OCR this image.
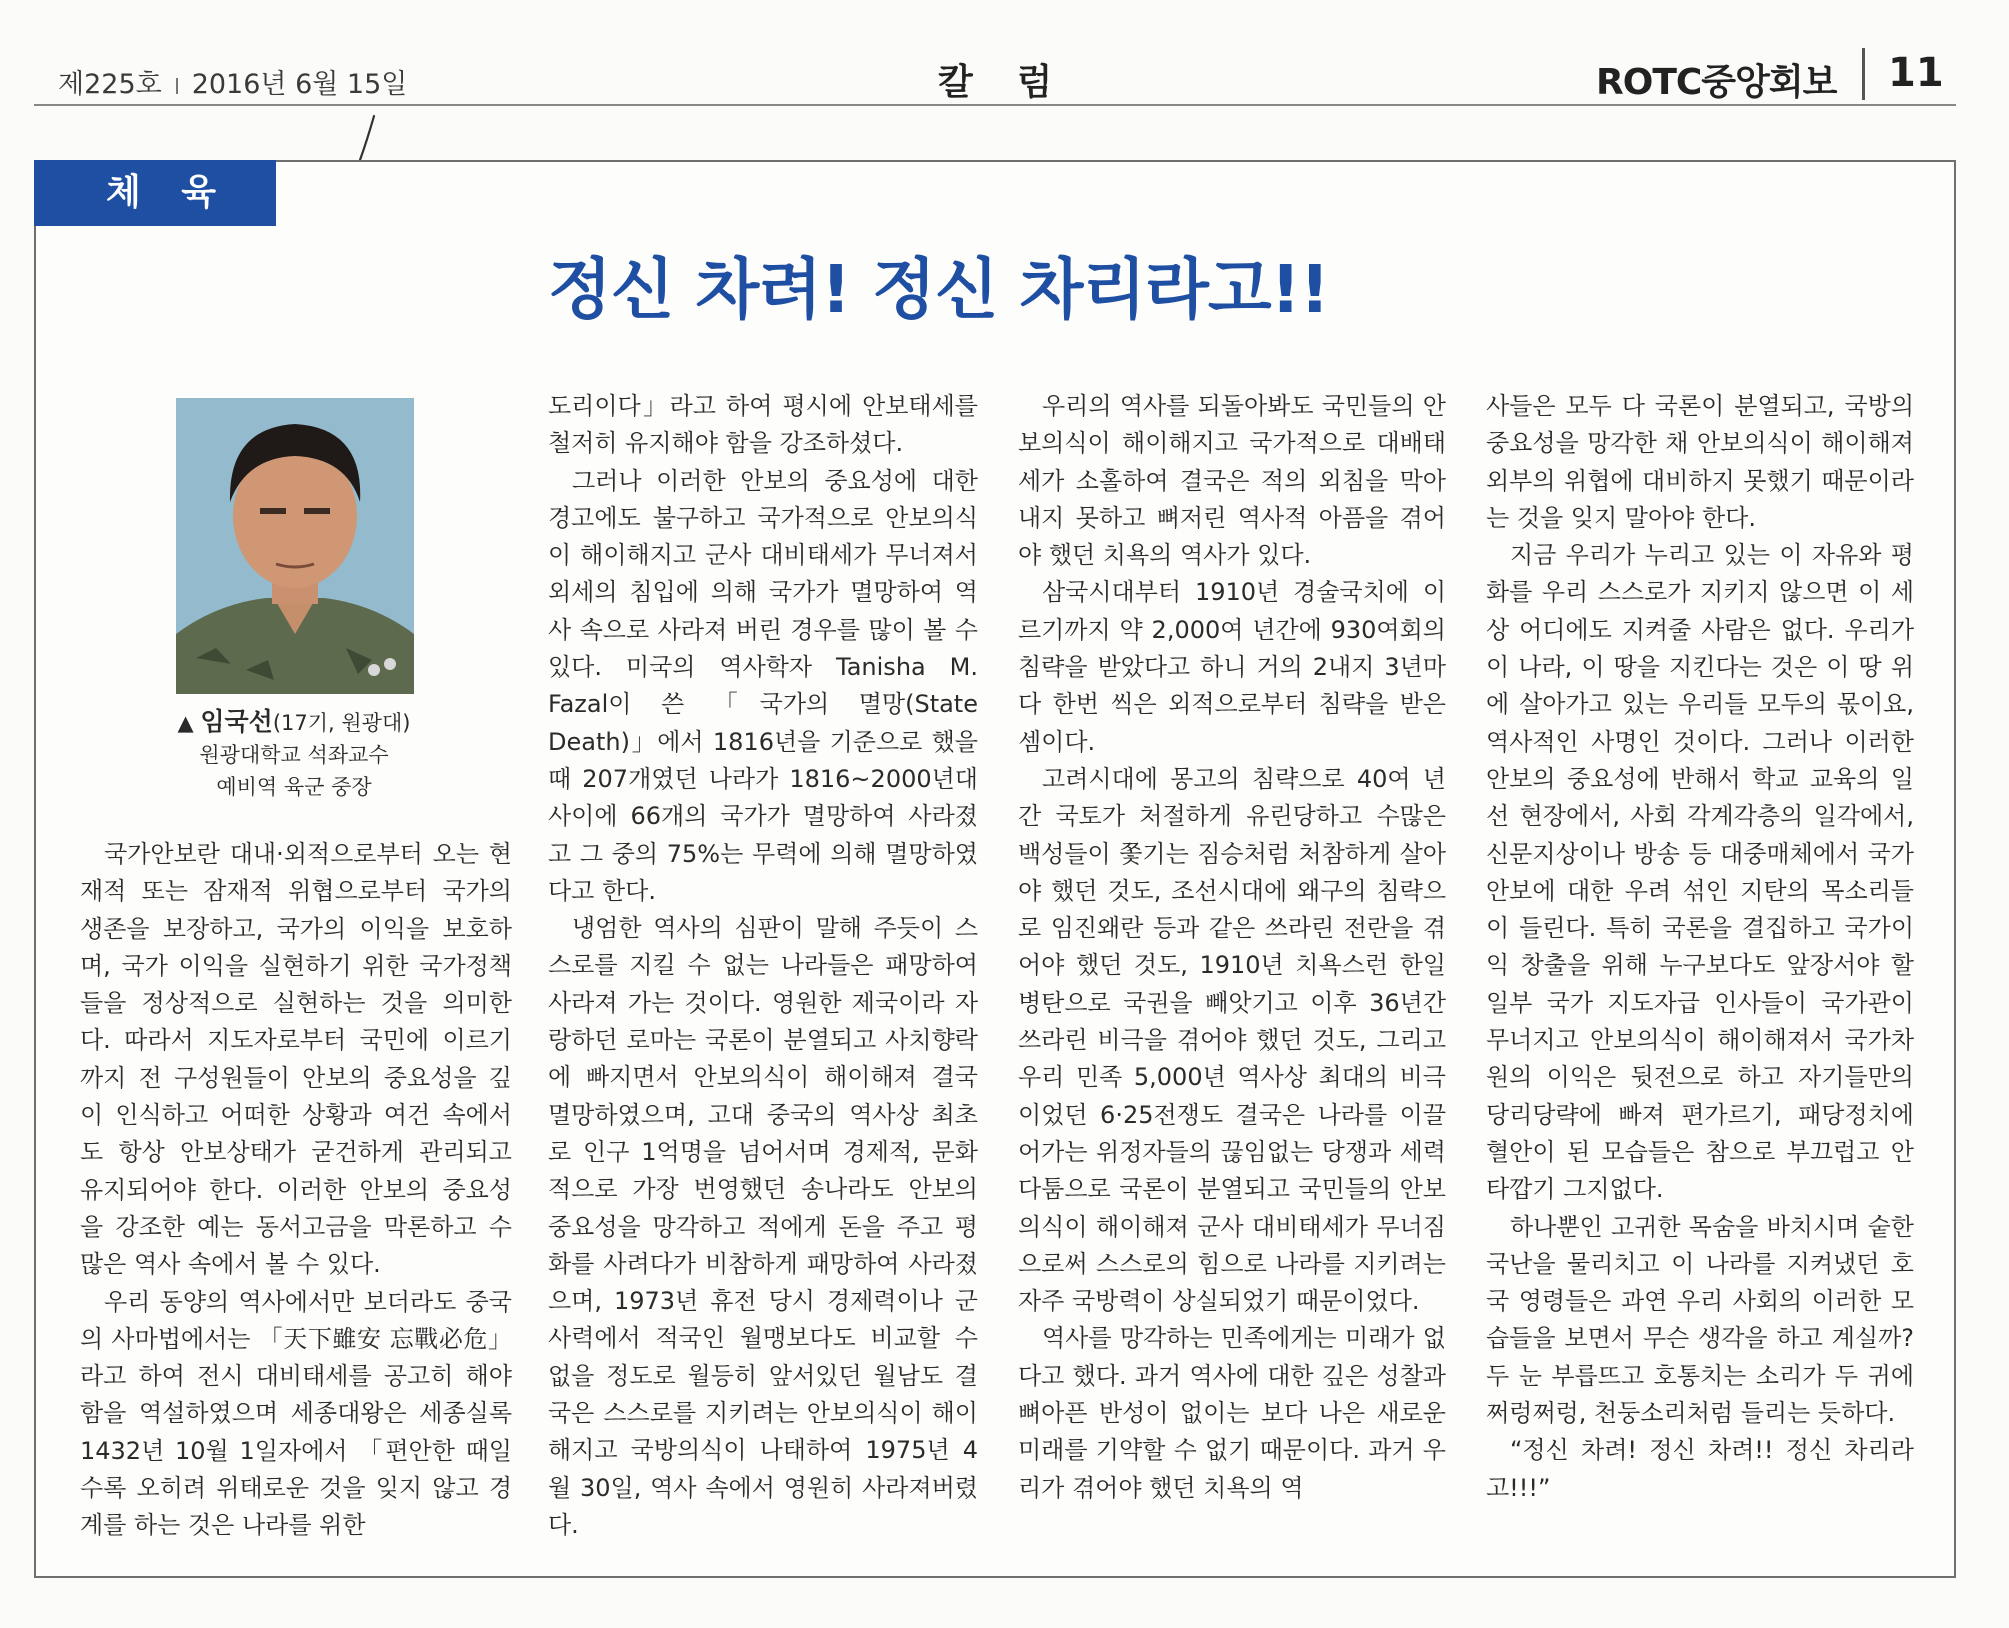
제225호 2016년 6월 15일	칼 럼	ROTC중앙회보 11
체 육
정신 차려! 정신 차리라고!!
▲ 임국선(17기, 원광대)
원광대학교 석좌교수
예비역 육군 중장

국가안보란 대내·외적으로부터 오는 현재적 또는 잠재적 위협으로부터 국가의 생존을 보장하고, 국가의 이익을 보호하며, 국가 이익을 실현하기 위한 국가정책들을 정상적으로 실현하는 것을 의미한다. 따라서 지도자로부터 국민에 이르기까지 전 구성원들이 안보의 중요성을 깊이 인식하고 어떠한 상황과 여건 속에서도 항상 안보상태가 굳건하게 관리되고 유지되어야 한다. 이러한 안보의 중요성을 강조한 예는 동서고금을 막론하고 수많은 역사 속에서 볼 수 있다.

우리 동양의 역사에서만 보더라도 중국의 사마법에서는 「天下雖安 忘戰必危」라고 하여 전시 대비태세를 공고히 해야 함을 역설하였으며 세종대왕은 세종실록 1432년 10월 1일자에서 「편안한 때일수록 오히려 위태로운 것을 잊지 않고 경계를 하는 것은 나라를 위한

도리이다」라고 하여 평시에 안보태세를 철저히 유지해야 함을 강조하셨다.

그러나 이러한 안보의 중요성에 대한 경고에도 불구하고 국가적으로 안보의식이 해이해지고 군사 대비태세가 무너져서 외세의 침입에 의해 국가가 멸망하여 역사 속으로 사라져 버린 경우를 많이 볼 수 있다. 미국의 역사학자 Tanisha M. Fazal이 쓴 「국가의 멸망(State Death)」에서 1816년을 기준으로 했을 때 207개였던 나라가 1816~2000년대 사이에 66개의 국가가 멸망하여 사라졌고 그 중의 75%는 무력에 의해 멸망하였다고 한다.

냉엄한 역사의 심판이 말해 주듯이 스스로를 지킬 수 없는 나라들은 패망하여 사라져 가는 것이다. 영원한 제국이라 자랑하던 로마는 국론이 분열되고 사치향락에 빠지면서 안보의식이 해이해져 결국 멸망하였으며, 고대 중국의 역사상 최초로 인구 1억명을 넘어서며 경제적, 문화적으로 가장 번영했던 송나라도 안보의 중요성을 망각하고 적에게 돈을 주고 평화를 사려다가 비참하게 패망하여 사라졌으며, 1973년 휴전 당시 경제력이나 군사력에서 적국인 월맹보다도 비교할 수 없을 정도로 월등히 앞서있던 월남도 결국은 스스로를 지키려는 안보의식이 해이해지고 국방의식이 나태하여 1975년 4월 30일, 역사 속에서 영원히 사라져버렸다.

우리의 역사를 되돌아봐도 국민들의 안보의식이 해이해지고 국가적으로 대배태세가 소홀하여 결국은 적의 외침을 막아내지 못하고 뼈저린 역사적 아픔을 겪어야 했던 치욕의 역사가 있다.

삼국시대부터 1910년 경술국치에 이르기까지 약 2,000여 년간에 930여회의 침략을 받았다고 하니 거의 2내지 3년마다 한번 씩은 외적으로부터 침략을 받은 셈이다.

고려시대에 몽고의 침략으로 40여 년간 국토가 처절하게 유린당하고 수많은 백성들이 쫓기는 짐승처럼 처참하게 살아야 했던 것도, 조선시대에 왜구의 침략으로 임진왜란 등과 같은 쓰라린 전란을 겪어야 했던 것도, 1910년 치욕스런 한일병탄으로 국권을 빼앗기고 이후 36년간 쓰라린 비극을 겪어야 했던 것도, 그리고 우리 민족 5,000년 역사상 최대의 비극이었던 6·25전쟁도 결국은 나라를 이끌어가는 위정자들의 끊임없는 당쟁과 세력다툼으로 국론이 분열되고 국민들의 안보의식이 해이해져 군사 대비태세가 무너짐으로써 스스로의 힘으로 나라를 지키려는 자주 국방력이 상실되었기 때문이었다.

역사를 망각하는 민족에게는 미래가 없다고 했다. 과거 역사에 대한 깊은 성찰과 뼈아픈 반성이 없이는 보다 나은 새로운 미래를 기약할 수 없기 때문이다. 과거 우리가 겪어야 했던 치욕의 역

사들은 모두 다 국론이 분열되고, 국방의 중요성을 망각한 채 안보의식이 해이해져 외부의 위협에 대비하지 못했기 때문이라는 것을 잊지 말아야 한다.

지금 우리가 누리고 있는 이 자유와 평화를 우리 스스로가 지키지 않으면 이 세상 어디에도 지켜줄 사람은 없다. 우리가 이 나라, 이 땅을 지킨다는 것은 이 땅 위에 살아가고 있는 우리들 모두의 몫이요, 역사적인 사명인 것이다. 그러나 이러한 안보의 중요성에 반해서 학교 교육의 일선 현장에서, 사회 각계각층의 일각에서, 신문지상이나 방송 등 대중매체에서 국가안보에 대한 우려 섞인 지탄의 목소리들이 들린다. 특히 국론을 결집하고 국가이익 창출을 위해 누구보다도 앞장서야 할 일부 국가 지도자급 인사들이 국가관이 무너지고 안보의식이 해이해져서 국가차원의 이익은 뒷전으로 하고 자기들만의 당리당략에 빠져 편가르기, 패당정치에 혈안이 된 모습들은 참으로 부끄럽고 안타깝기 그지없다.

하나뿐인 고귀한 목숨을 바치시며 숱한 국난을 물리치고 이 나라를 지켜냈던 호국 영령들은 과연 우리 사회의 이러한 모습들을 보면서 무슨 생각을 하고 계실까? 두 눈 부릅뜨고 호통치는 소리가 두 귀에 쩌렁쩌렁, 천둥소리처럼 들리는 듯하다.

“정신 차려! 정신 차려!! 정신 차리라고!!!”
